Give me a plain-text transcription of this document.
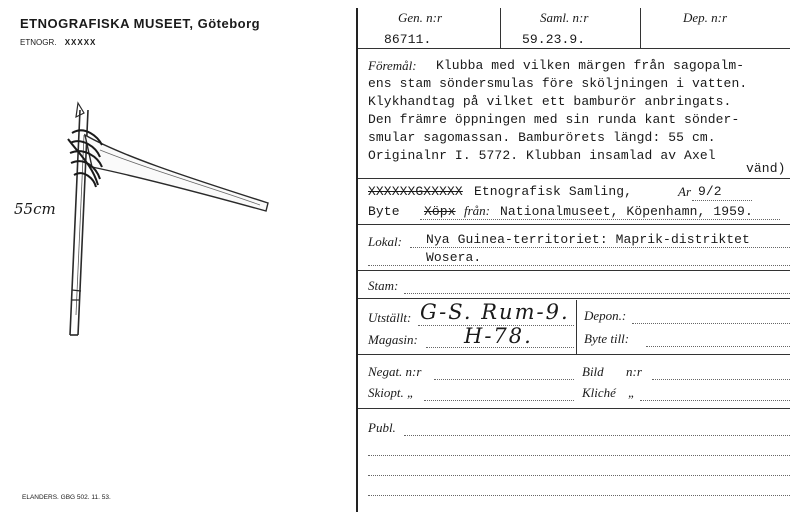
ETNOGRAFISKA MUSEET, Göteborg
ETNOGR. XXXXX
55cm
ELANDERS. GBG 502. 11. 53.
Gen. n:r	Saml. n:r	Dep. n:r
86711.	59.23.9.
Föremål: Klubba med vilken märgen från sagopalm-
ens stam söndersmulas före sköljningen i vatten.
Klykhandtag på vilket ett bamburör anbringats.
Den främre öppningen med sin runda kant sönder-
smular sagomassan. Bamburörets längd: 55 cm.
Originalnr I. 5772. Klubban insamlad av Axel
vänd)
XXXXXXGXXXXX Etnografisk Samling,	Ar 9/2
Byte Xöpx från: Nationalmuseet, Köpenhamn, 1959.
Lokal: Nya Guinea-territoriet: Maprik-distriktet
Wosera.
Stam:
Utställt: G-S. Rum-9. Depon.:
Magasin: H-78.	Byte till:
Negat. n:r	Bild n:r
Skiopt. „	Kliché „
Publ.
